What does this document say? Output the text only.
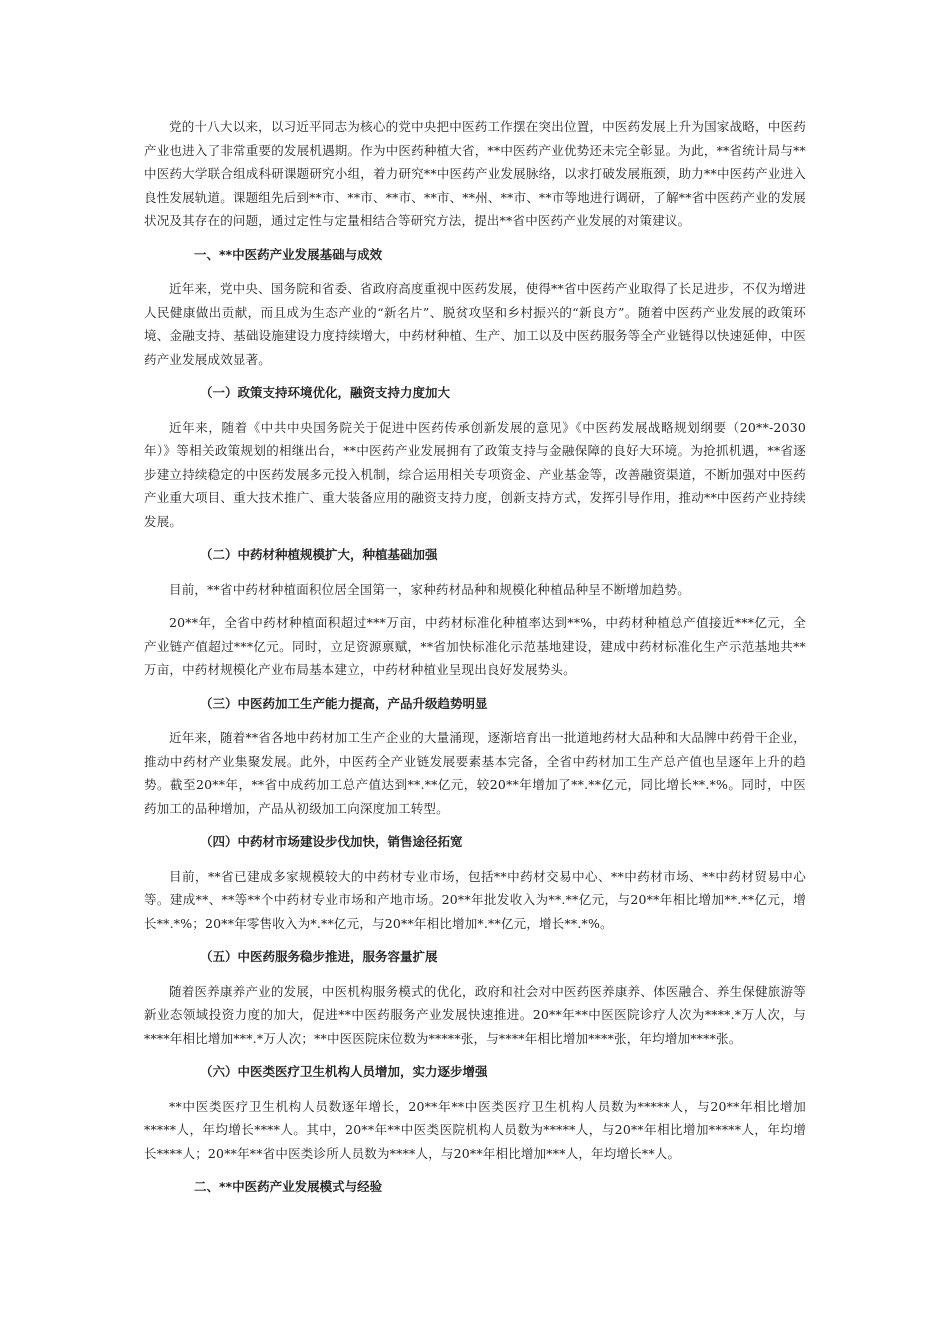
党的十八大以来，以习近平同志为核心的党中央把中医药工作摆在突出位置，中医药发展上升为国家战略，中医药产业也进入了非常重要的发展机遇期。作为中医药种植大省，**中医药产业优势还未完全彰显。为此，**省统计局与**中医药大学联合组成科研课题研究小组，着力研究**中医药产业发展脉络，以求打破发展瓶颈，助力**中医药产业进入良性发展轨道。课题组先后到**市、**市、**市、**市、**州、**市、**市等地进行调研，了解**省中医药产业的发展状况及其存在的问题，通过定性与定量相结合等研究方法，提出**省中医药产业发展的对策建议。

一、**中医药产业发展基础与成效

近年来，党中央、国务院和省委、省政府高度重视中医药发展，使得**省中医药产业取得了长足进步，不仅为增进人民健康做出贡献，而且成为生态产业的“新名片”、脱贫攻坚和乡村振兴的“新良方”。随着中医药产业发展的政策环境、金融支持、基础设施建设力度持续增大，中药材种植、生产、加工以及中医药服务等全产业链得以快速延伸，中医药产业发展成效显著。

（一）政策支持环境优化，融资支持力度加大

近年来，随着《中共中央国务院关于促进中医药传承创新发展的意见》《中医药发展战略规划纲要（20**-2030年）》等相关政策规划的相继出台，**中医药产业发展拥有了政策支持与金融保障的良好大环境。为抢抓机遇，**省逐步建立持续稳定的中医药发展多元投入机制，综合运用相关专项资金、产业基金等，改善融资渠道，不断加强对中医药产业重大项目、重大技术推广、重大装备应用的融资支持力度，创新支持方式，发挥引导作用，推动**中医药产业持续发展。

（二）中药材种植规模扩大，种植基础加强

目前，**省中药材种植面积位居全国第一，家种药材品种和规模化种植品种呈不断增加趋势。

20**年，全省中药材种植面积超过***万亩，中药材标准化种植率达到**%，中药材种植总产值接近***亿元，全产业链产值超过***亿元。同时，立足资源禀赋，**省加快标准化示范基地建设，建成中药材标准化生产示范基地共**万亩，中药材规模化产业布局基本建立，中药材种植业呈现出良好发展势头。

（三）中医药加工生产能力提高，产品升级趋势明显

近年来，随着**省各地中药材加工生产企业的大量涌现，逐渐培育出一批道地药材大品种和大品牌中药骨干企业，推动中药材产业集聚发展。此外，中医药全产业链发展要素基本完备，全省中药材加工生产总产值也呈逐年上升的趋势。截至20**年，**省中成药加工总产值达到**.**亿元，较20**年增加了**.**亿元，同比增长**.*%。同时，中医药加工的品种增加，产品从初级加工向深度加工转型。

（四）中药材市场建设步伐加快，销售途径拓宽

目前，**省已建成多家规模较大的中药材专业市场，包括**中药材交易中心、**中药材市场、**中药材贸易中心等。建成**、**等**个中药材专业市场和产地市场。20**年批发收入为**.**亿元，与20**年相比增加**.**亿元，增长**.*%；20**年零售收入为*.**亿元，与20**年相比增加*.**亿元，增长**.*%。

（五）中医药服务稳步推进，服务容量扩展

随着医养康养产业的发展，中医机构服务模式的优化，政府和社会对中医药医养康养、体医融合、养生保健旅游等新业态领域投资力度的加大，促进**中医药服务产业发展快速推进。20**年**中医医院诊疗人次为****.*万人次，与****年相比增加***.*万人次；**中医医院床位数为*****张，与****年相比增加****张，年均增加****张。

（六）中医类医疗卫生机构人员增加，实力逐步增强

**中医类医疗卫生机构人员数逐年增长，20**年**中医类医疗卫生机构人员数为*****人，与20**年相比增加*****人，年均增长****人。其中，20**年**中医类医院机构人员数为*****人，与20**年相比增加*****人，年均增长****人；20**年**省中医类诊所人员数为****人，与20**年相比增加***人，年均增长**人。

二、**中医药产业发展模式与经验
